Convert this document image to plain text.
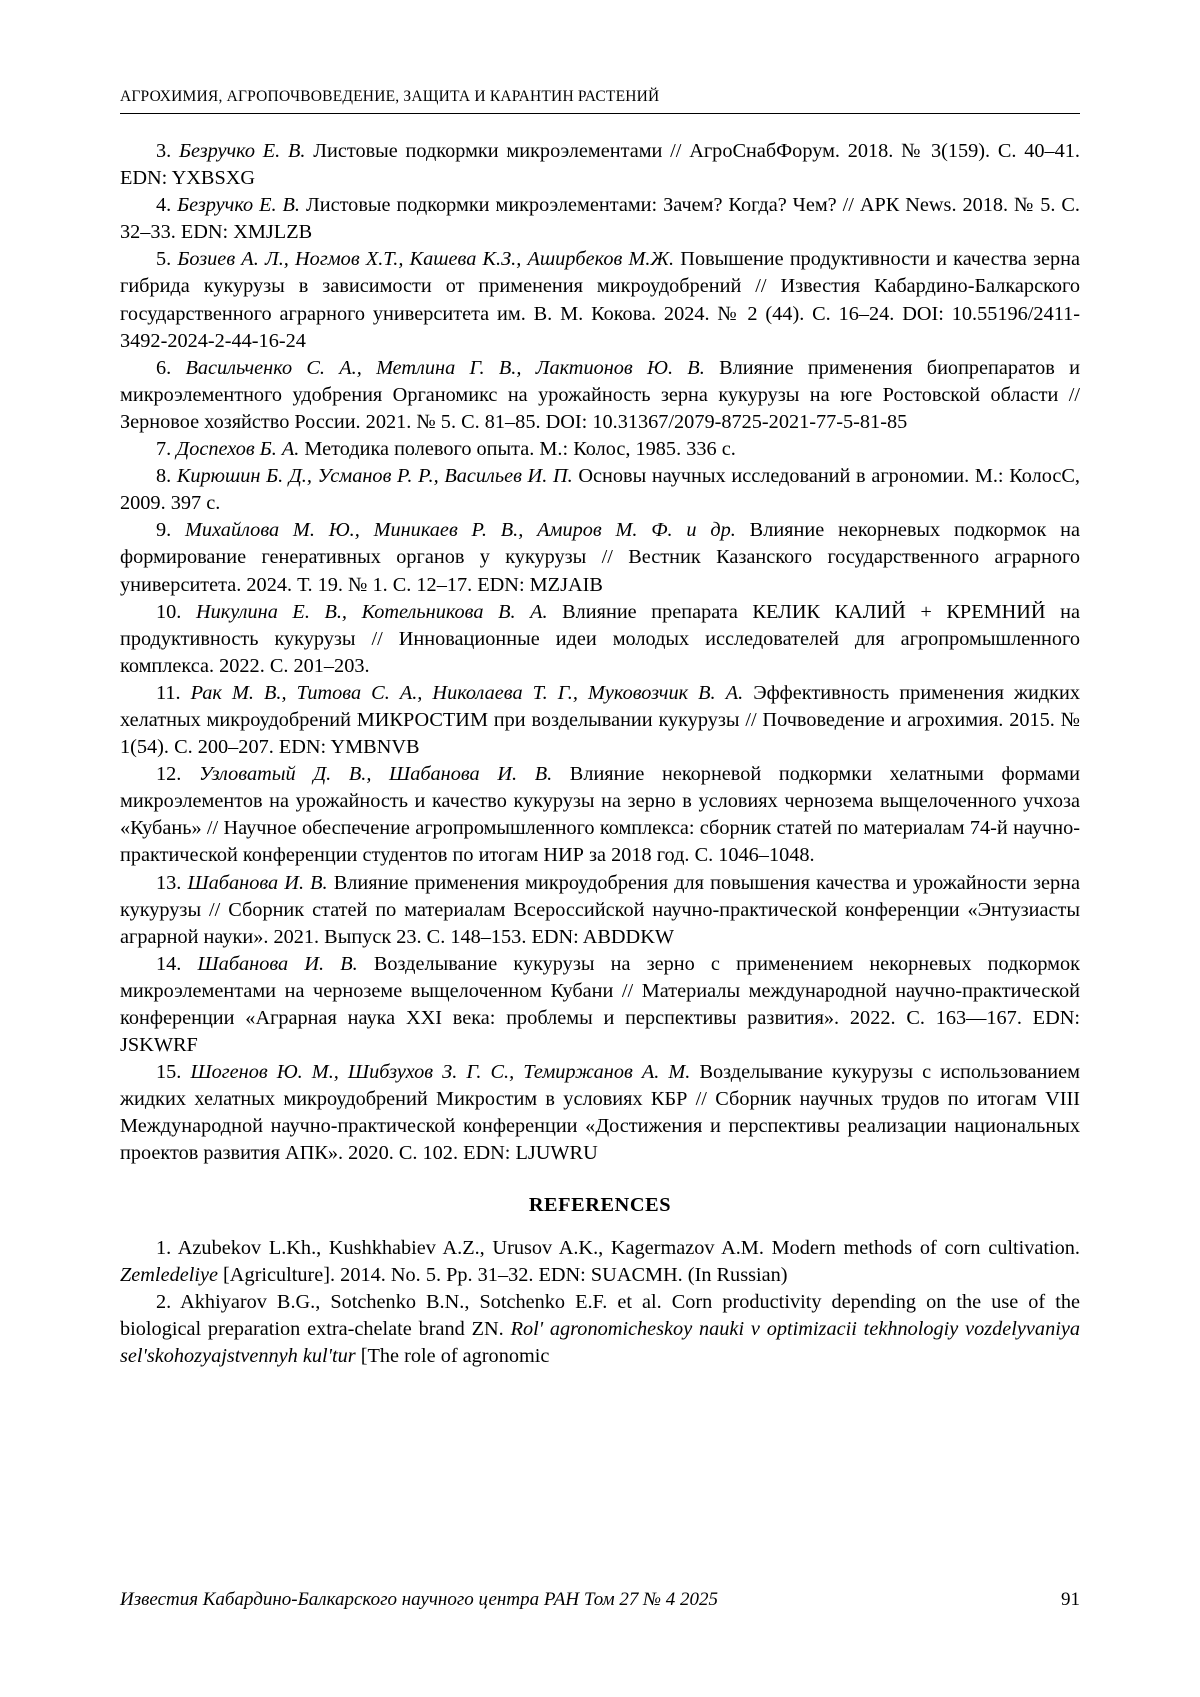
АГРОХИМИЯ, АГРОПОЧВОВЕДЕНИЕ, ЗАЩИТА И КАРАНТИН РАСТЕНИЙ

3. Безручко Е. В. Листовые подкормки микроэлементами // АгроСнабФорум. 2018. № 3(159). С. 40–41. EDN: YXBSXG

4. Безручко Е. В. Листовые подкормки микроэлементами: Зачем? Когда? Чем? // АРК News. 2018. № 5. С. 32–33. EDN: XMJLZB

5. Бозиев А. Л., Ногмов Х.Т., Кашева К.З., Аширбеков М.Ж. Повышение продуктивности и качества зерна гибрида кукурузы в зависимости от применения микроудобрений // Известия Кабардино-Балкарского государственного аграрного университета им. В. М. Кокова. 2024. № 2 (44). С. 16–24. DOI: 10.55196/2411-3492-2024-2-44-16-24

6. Васильченко С. А., Метлина Г. В., Лактионов Ю. В. Влияние применения биопрепаратов и микроэлементного удобрения Органомикс на урожайность зерна кукурузы на юге Ростовской области // Зерновое хозяйство России. 2021. № 5. С. 81–85. DOI: 10.31367/2079-8725-2021-77-5-81-85

7. Доспехов Б. А. Методика полевого опыта. М.: Колос, 1985. 336 с.

8. Кирюшин Б. Д., Усманов Р. Р., Васильев И. П. Основы научных исследований в агрономии. М.: КолосС, 2009. 397 с.

9. Михайлова М. Ю., Миникаев Р. В., Амиров М. Ф. и др. Влияние некорневых подкормок на формирование генеративных органов у кукурузы // Вестник Казанского государственного аграрного университета. 2024. Т. 19. № 1. С. 12–17. EDN: MZJAIB

10. Никулина Е. В., Котельникова В. А. Влияние препарата КЕЛИК КАЛИЙ + КРЕМНИЙ на продуктивность кукурузы // Инновационные идеи молодых исследователей для агропромышленного комплекса. 2022. С. 201–203.

11. Рак М. В., Титова С. А., Николаева Т. Г., Муковозчик В. А. Эффективность применения жидких хелатных микроудобрений МИКРОСТИМ при возделывании кукурузы // Почвоведение и агрохимия. 2015. № 1(54). С. 200–207. EDN: YMBNVB

12. Узловатый Д. В., Шабанова И. В. Влияние некорневой подкормки хелатными формами микроэлементов на урожайность и качество кукурузы на зерно в условиях чернозема выщелоченного учхоза «Кубань» // Научное обеспечение агропромышленного комплекса: сборник статей по материалам 74-й научно-практической конференции студентов по итогам НИР за 2018 год. С. 1046–1048.

13. Шабанова И. В. Влияние применения микроудобрения для повышения качества и урожайности зерна кукурузы // Сборник статей по материалам Всероссийской научно-практической конференции «Энтузиасты аграрной науки». 2021. Выпуск 23. С. 148–153. EDN: ABDDKW

14. Шабанова И. В. Возделывание кукурузы на зерно с применением некорневых подкормок микроэлементами на черноземе выщелоченном Кубани // Материалы международной научно-практической конференции «Аграрная наука XXI века: проблемы и перспективы развития». 2022. С. 163—167. EDN: JSKWRF

15. Шогенов Ю. М., Шибзухов З. Г. С., Темиржанов А. М. Возделывание кукурузы с использованием жидких хелатных микроудобрений Микростим в условиях КБР // Сборник научных трудов по итогам VIII Международной научно-практической конференции «Достижения и перспективы реализации национальных проектов развития АПК». 2020. С. 102. EDN: LJUWRU

REFERENCES

1. Azubekov L.Kh., Kushkhabiev A.Z., Urusov A.K., Kagermazov A.M. Modern methods of corn cultivation. Zemledeliye [Agriculture]. 2014. No. 5. Pp. 31–32. EDN: SUACMH. (In Russian)

2. Akhiyarov B.G., Sotchenko B.N., Sotchenko E.F. et al. Corn productivity depending on the use of the biological preparation extra-chelate brand ZN. Rol' agronomicheskoy nauki v optimizacii tekhnologiy vozdelyvaniya sel'skohozyajstvennyh kul'tur [The role of agronomic

Известия Кабардино-Балкарского научного центра РАН Том 27 № 4 2025	91
